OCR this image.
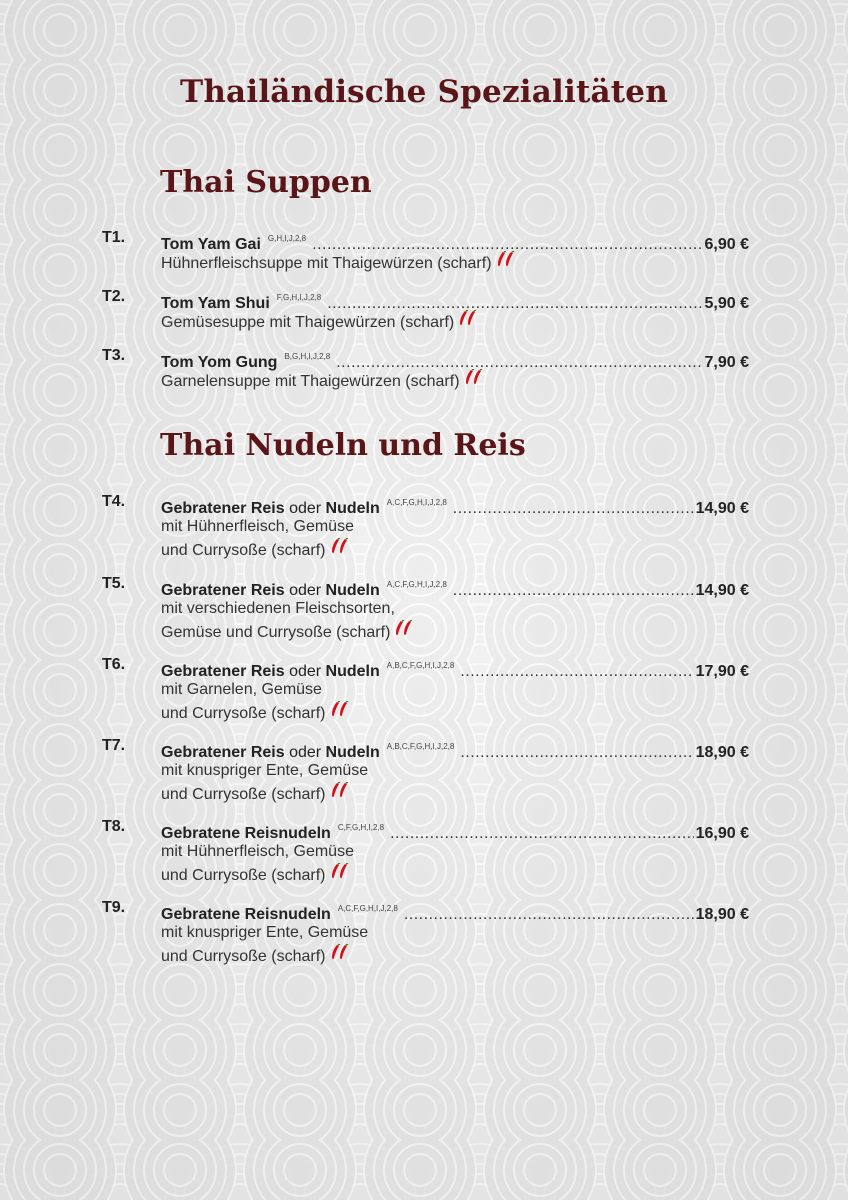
Thailändische Spezialitäten
Thai Suppen
T1. Tom Yam Gai $^{G,H,I,J,2,8}$ .....	6,90 €
Hühnerfleischsuppe mit Thaigewürzen (scharf)
T2. Tom Yam Shui $^{F,G,H,I,J,2,8}$ .....	5,90 €
Gemüsesuppe mit Thaigewürzen (scharf)
T3. Tom Yom Gung $^{B,G,H,I,J,2,8}$ .....	7,90 €
Garnelensuppe mit Thaigewürzen (scharf)
Thai Nudeln und Reis
T4. Gebratener Reis oder Nudeln $^{A,C,F,G,H,I,J,2,8}$ .....	14,90 €
mit Hühnerfleisch, Gemüse
und Currysoße (scharf)
T5. Gebratener Reis oder Nudeln $^{A,C,F,G,H,I,J,2,8}$ .....	14,90 €
mit verschiedenen Fleischsorten,
Gemüse und Currysoße (scharf)
T6. Gebratener Reis oder Nudeln $^{A,B,C,F,G,H,I,J,2,8}$ .....	17,90 €
mit Garnelen, Gemüse
und Currysoße (scharf)
T7. Gebratener Reis oder Nudeln $^{A,B,C,F,G,H,I,J,2,8}$ .....	18,90 €
mit knuspriger Ente, Gemüse
und Currysoße (scharf)
T8. Gebratene Reisnudeln $^{C,F,G,H,I,2,8}$ .....	16,90 €
mit Hühnerfleisch, Gemüse
und Currysoße (scharf)
T9. Gebratene Reisnudeln $^{A,C,F,G,H,I,J,2,8}$ .....	18,90 €
mit knuspriger Ente, Gemüse
und Currysoße (scharf)
